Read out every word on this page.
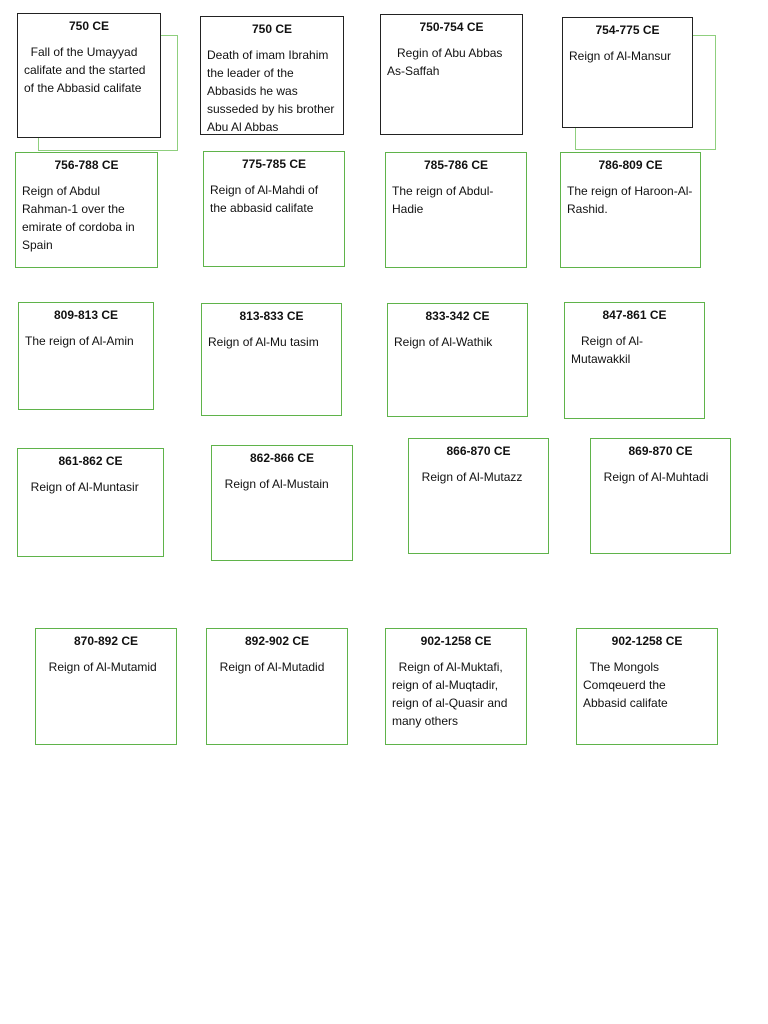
750 CE
Fall of the Umayyad califate and the started of the Abbasid califate
750 CE
Death of imam Ibrahim the leader of the Abbasids he was susseded by his brother Abu Al Abbas
750-754 CE
Regin of Abu Abbas As-Saffah
754-775 CE
Reign of Al-Mansur
756-788 CE
Reign of Abdul Rahman-1 over the emirate of cordoba in Spain
775-785 CE
Reign of Al-Mahdi of the abbasid califate
785-786 CE
The reign of Abdul-Hadie
786-809 CE
The reign of Haroon-Al-Rashid.
809-813 CE
The reign of Al-Amin
813-833 CE
Reign of Al-Mu tasim
833-342 CE
Reign of Al-Wathik
847-861 CE
Reign of Al-Mutawakkil
861-862 CE
Reign of Al-Muntasir
862-866 CE
Reign of Al-Mustain
866-870 CE
Reign of Al-Mutazz
869-870 CE
Reign of Al-Muhtadi
870-892 CE
Reign of Al-Mutamid
892-902 CE
Reign of Al-Mutadid
902-1258 CE
Reign of Al-Muktafi, reign of al-Muqtadir, reign of al-Quasir and many others
902-1258 CE
The Mongols Comqeuerd the Abbasid califate
